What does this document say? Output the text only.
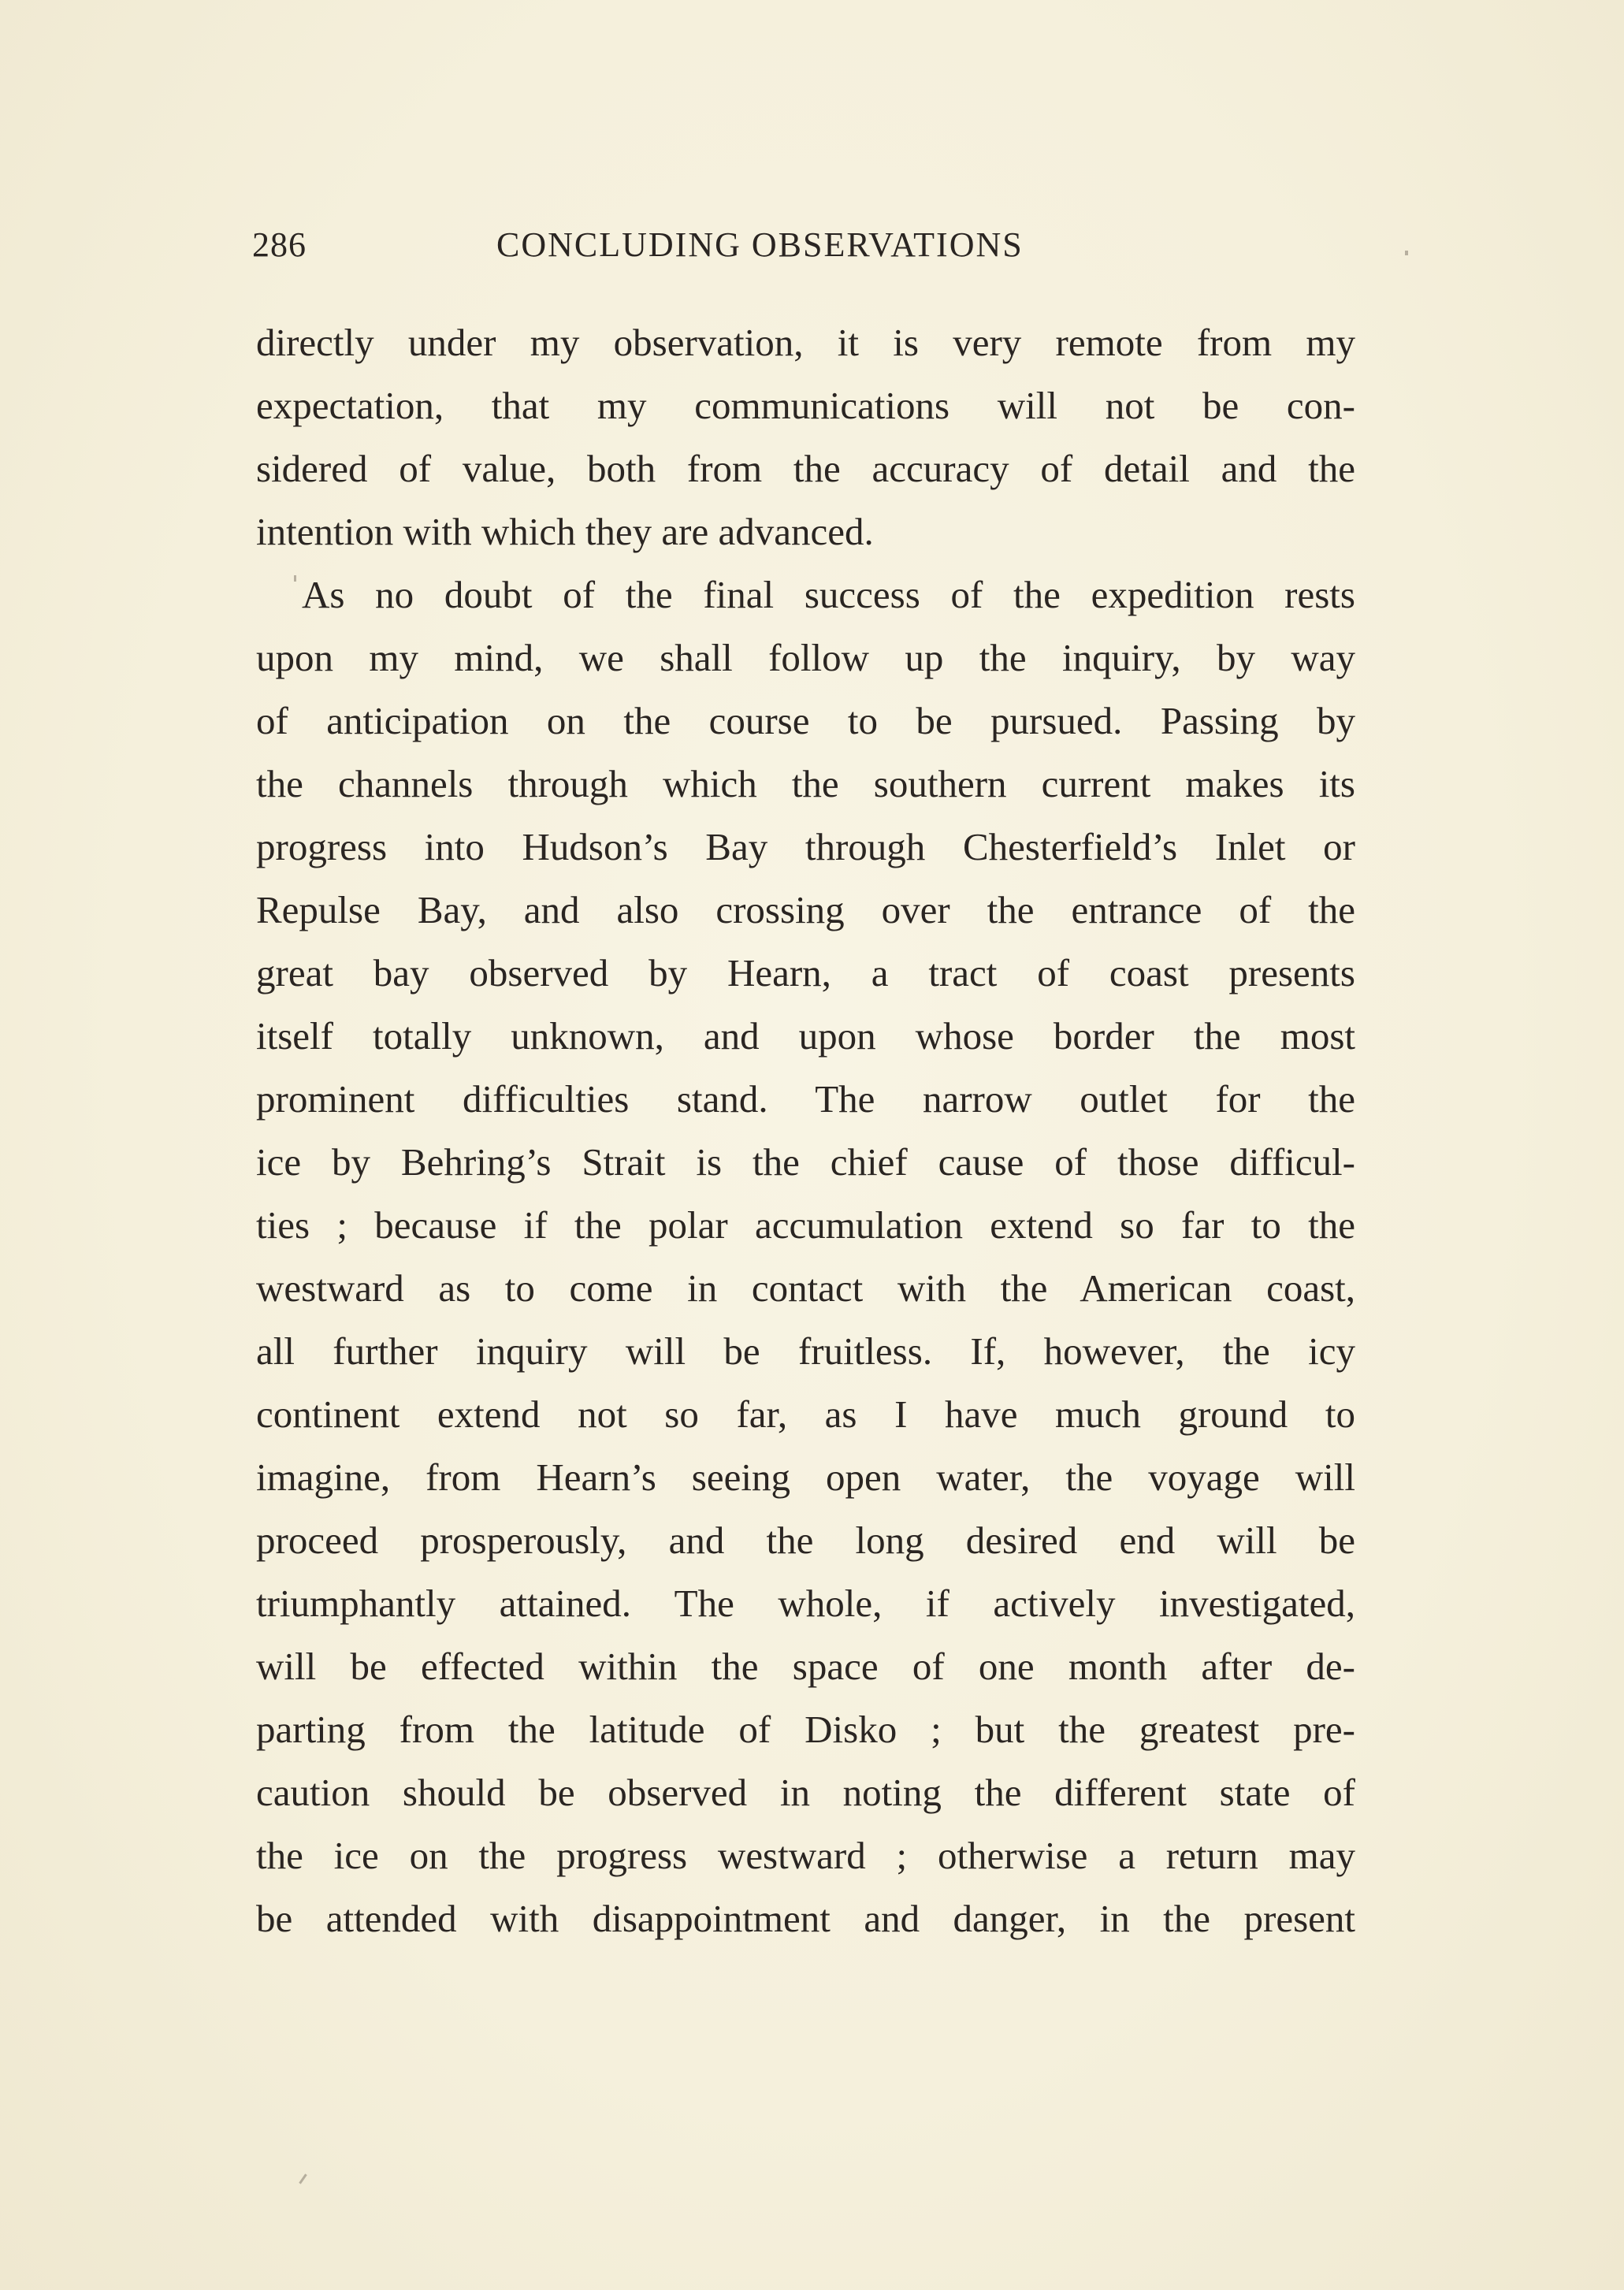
286	CONCLUDING OBSERVATIONS
directly under my observation, it is very remote from my
expectation, that my communications will not be con-
sidered of value, both from the accuracy of detail and the
intention with which they are advanced.
As no doubt of the final success of the expedition rests
upon my mind, we shall follow up the inquiry, by way
of anticipation on the course to be pursued. Passing by
the channels through which the southern current makes its
progress into Hudson’s Bay through Chesterfield’s Inlet or
Repulse Bay, and also crossing over the entrance of the
great bay observed by Hearn, a tract of coast presents
itself totally unknown, and upon whose border the most
prominent difficulties stand. The narrow outlet for the
ice by Behring’s Strait is the chief cause of those difficul-
ties ; because if the polar accumulation extend so far to the
westward as to come in contact with the American coast,
all further inquiry will be fruitless. If, however, the icy
continent extend not so far, as I have much ground to
imagine, from Hearn’s seeing open water, the voyage will
proceed prosperously, and the long desired end will be
triumphantly attained. The whole, if actively investigated,
will be effected within the space of one month after de-
parting from the latitude of Disko ; but the greatest pre-
caution should be observed in noting the different state of
the ice on the progress westward ; otherwise a return may
be attended with disappointment and danger, in the present
